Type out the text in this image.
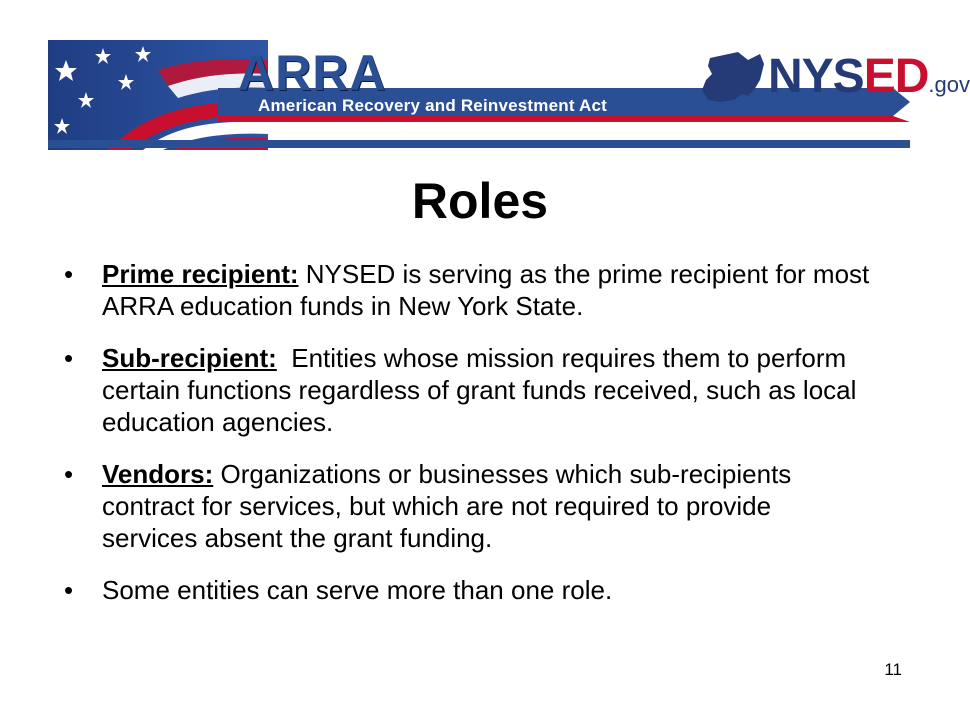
ARRA
American Recovery and Reinvestment Act
NYSED.gov
Roles
• Prime recipient: NYSED is serving as the prime recipient for most ARRA education funds in New York State.
• Sub-recipient:  Entities whose mission requires them to perform certain functions regardless of grant funds received, such as local education agencies.
• Vendors: Organizations or businesses which sub-recipients contract for services, but which are not required to provide services absent the grant funding.
• Some entities can serve more than one role.
11
